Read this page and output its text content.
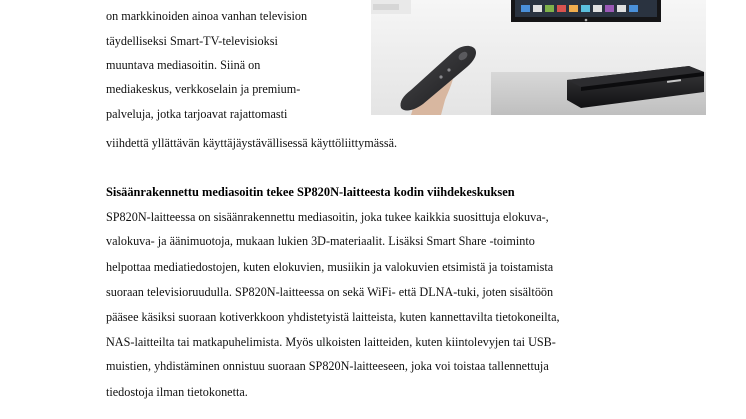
on markkinoiden ainoa vanhan television
täydelliseksi Smart-TV-televisioksi
muuntava mediasoitin. Siinä on
mediakeskus, verkkoselain ja premium-
palveluja, jotka tarjoavat rajattomasti
viihdettä yllättävän käyttäjäystävällisessä käyttöliittymässä.
Sisäänrakennettu mediasoitin tekee SP820N-laitteesta kodin viihdekeskuksen
SP820N-laitteessa on sisäänrakennettu mediasoitin, joka tukee kaikkia suosittuja elokuva-,
valokuva- ja äänimuotoja, mukaan lukien 3D-materiaalit. Lisäksi Smart Share -toiminto
helpottaa mediatiedostojen, kuten elokuvien, musiikin ja valokuvien etsimistä ja toistamista
suoraan televisioruudulla. SP820N-laitteessa on sekä WiFi- että DLNA-tuki, joten sisältöön
pääsee käsiksi suoraan kotiverkkoon yhdistetyistä laitteista, kuten kannettavilta tietokoneilta,
NAS-laitteilta tai matkapuhelimista. Myös ulkoisten laitteiden, kuten kiintolevyjen tai USB-
muistien, yhdistäminen onnistuu suoraan SP820N-laitteeseen, joka voi toistaa tallennettuja
tiedostoja ilman tietokonetta.
